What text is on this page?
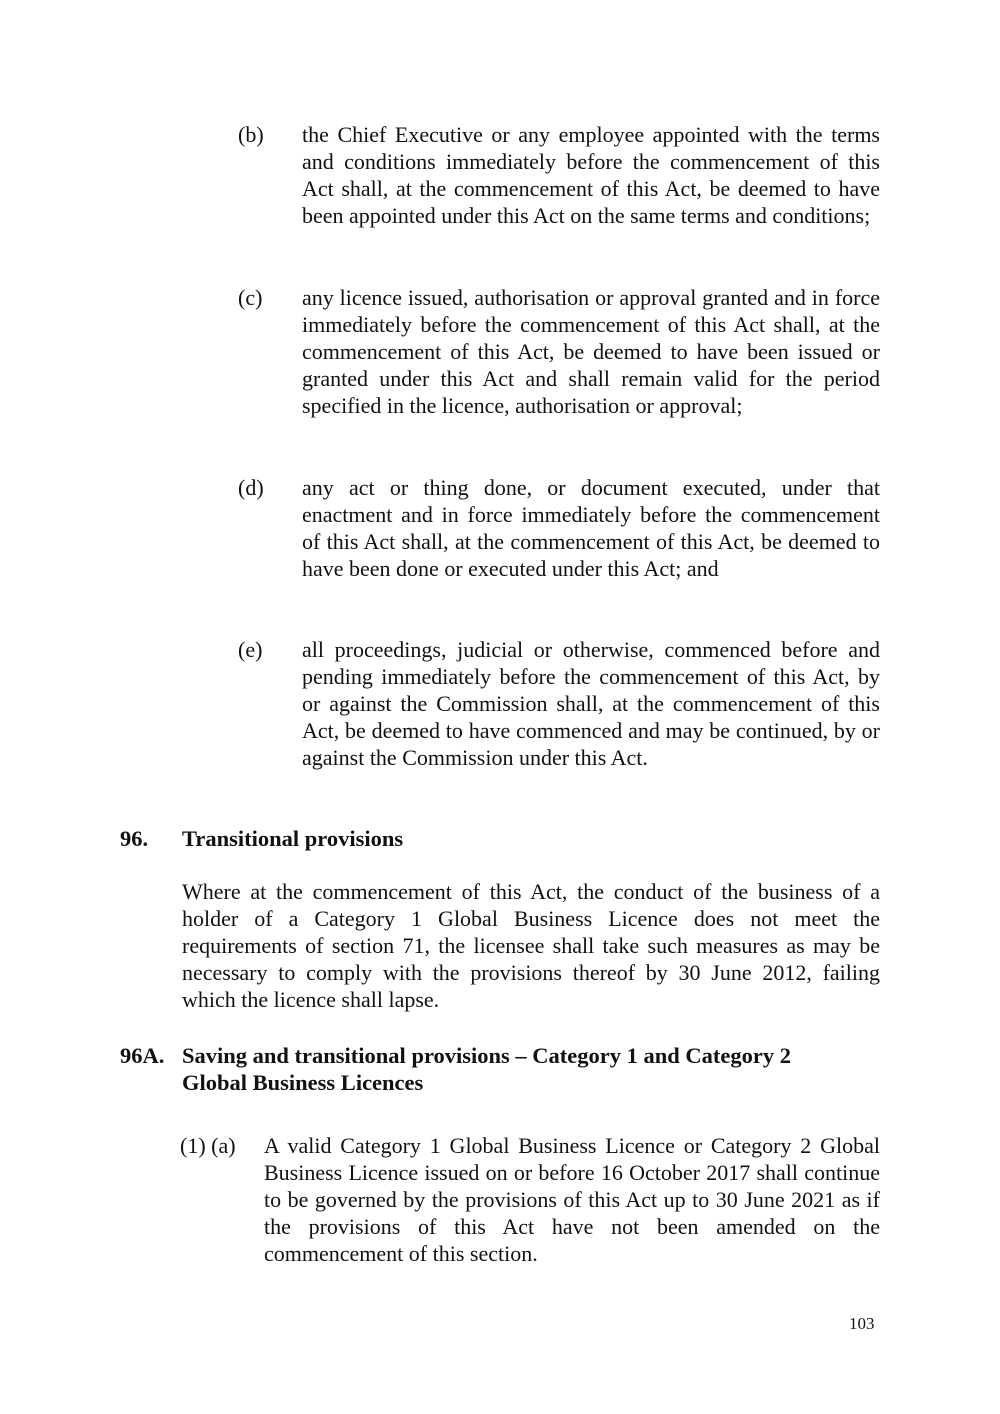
(b)	the Chief Executive or any employee appointed with the terms and conditions immediately before the commencement of this Act shall, at the commencement of this Act, be deemed to have been appointed under this Act on the same terms and conditions;
(c)	any licence issued, authorisation or approval granted and in force immediately before the commencement of this Act shall, at the commencement of this Act, be deemed to have been issued or granted under this Act and shall remain valid for the period specified in the licence, authorisation or approval;
(d)	any act or thing done, or document executed, under that enactment and in force immediately before the commencement of this Act shall, at the commencement of this Act, be deemed to have been done or executed under this Act; and
(e)	all proceedings, judicial or otherwise, commenced before and pending immediately before the commencement of this Act, by or against the Commission shall, at the commencement of this Act, be deemed to have commenced and may be continued, by or against the Commission under this Act.
96. Transitional provisions
Where at the commencement of this Act, the conduct of the business of a holder of a Category 1 Global Business Licence does not meet the requirements of section 71, the licensee shall take such measures as may be necessary to comply with the provisions thereof by 30 June 2012, failing which the licence shall lapse.
96A. Saving and transitional provisions – Category 1 and Category 2
Global Business Licences
(1) (a)	A valid Category 1 Global Business Licence or Category 2 Global Business Licence issued on or before 16 October 2017 shall continue to be governed by the provisions of this Act up to 30 June 2021 as if the provisions of this Act have not been amended on the commencement of this section.
103
